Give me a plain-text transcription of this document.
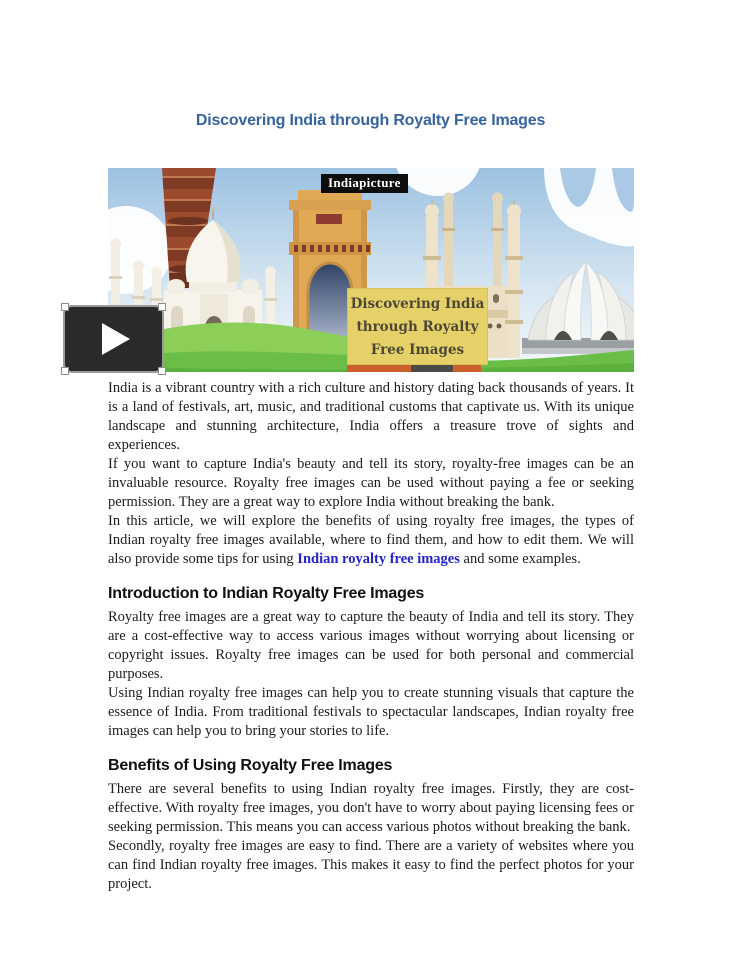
Discovering India through Royalty Free Images
Indiapicture
Discovering India through Royalty Free Images

India is a vibrant country with a rich culture and history dating back thousands of years. It is a land of festivals, art, music, and traditional customs that captivate us. With its unique landscape and stunning architecture, India offers a treasure trove of sights and experiences.

If you want to capture India's beauty and tell its story, royalty-free images can be an invaluable resource. Royalty free images can be used without paying a fee or seeking permission. They are a great way to explore India without breaking the bank.

In this article, we will explore the benefits of using royalty free images, the types of Indian royalty free images available, where to find them, and how to edit them. We will also provide some tips for using Indian royalty free images and some examples.

Introduction to Indian Royalty Free Images

Royalty free images are a great way to capture the beauty of India and tell its story. They are a cost-effective way to access various images without worrying about licensing or copyright issues. Royalty free images can be used for both personal and commercial purposes.

Using Indian royalty free images can help you to create stunning visuals that capture the essence of India. From traditional festivals to spectacular landscapes, Indian royalty free images can help you to bring your stories to life.

Benefits of Using Royalty Free Images

There are several benefits to using Indian royalty free images. Firstly, they are cost-effective. With royalty free images, you don't have to worry about paying licensing fees or seeking permission. This means you can access various photos without breaking the bank.

Secondly, royalty free images are easy to find. There are a variety of websites where you can find Indian royalty free images. This makes it easy to find the perfect photos for your project.
